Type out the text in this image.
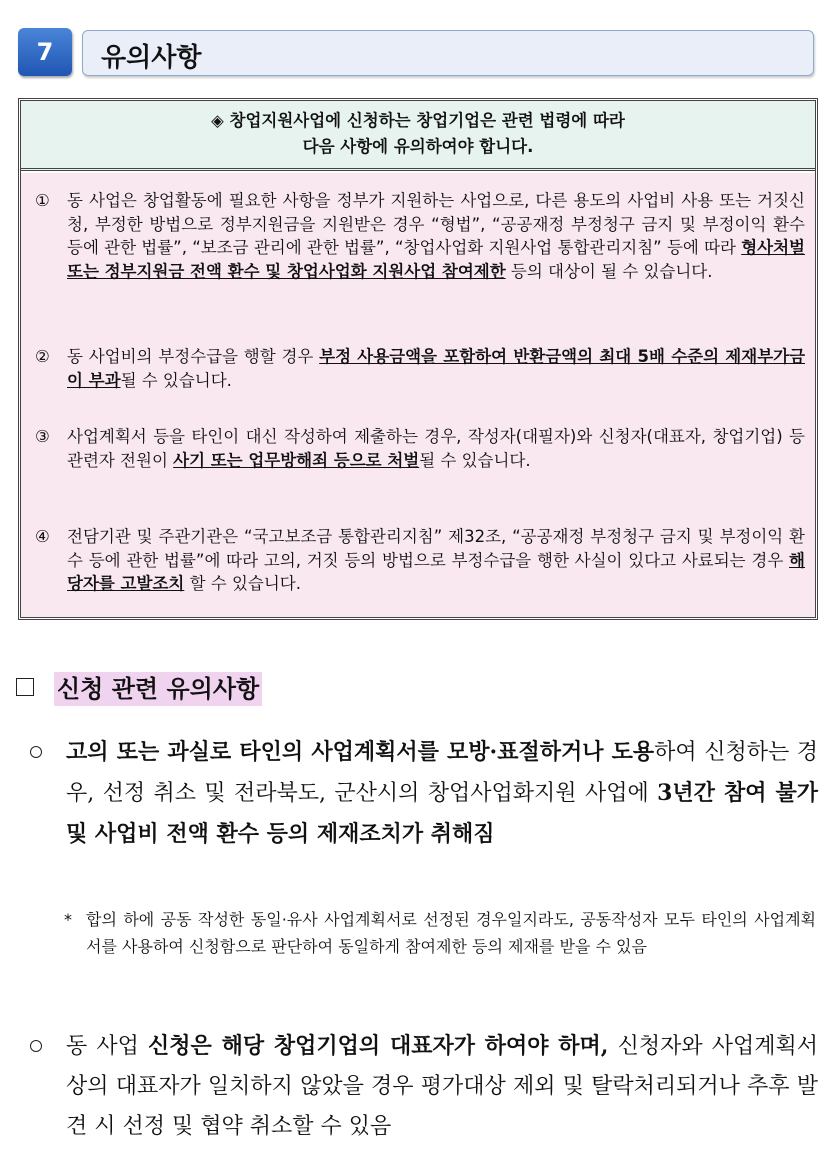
7	유의사항
◈ 창업지원사업에 신청하는 창업기업은 관련 법령에 따라
다음 사항에 유의하여야 합니다.
① 동 사업은 창업활동에 필요한 사항을 정부가 지원하는 사업으로, 다른 용도의 사업비 사용 또는 거짓신청, 부정한 방법으로 정부지원금을 지원받은 경우 “형법”, “공공재정 부정청구 금지 및 부정이익 환수 등에 관한 법률”, “보조금 관리에 관한 법률”, “창업사업화 지원사업 통합관리지침” 등에 따라 형사처벌 또는 정부지원금 전액 환수 및 창업사업화 지원사업 참여제한 등의 대상이 될 수 있습니다.
② 동 사업비의 부정수급을 행할 경우 부정 사용금액을 포함하여 반환금액의 최대 5배 수준의 제재부가금이 부과될 수 있습니다.
③ 사업계획서 등을 타인이 대신 작성하여 제출하는 경우, 작성자(대필자)와 신청자(대표자, 창업기업) 등 관련자 전원이 사기 또는 업무방해죄 등으로 처벌될 수 있습니다.
④ 전담기관 및 주관기관은 “국고보조금 통합관리지침” 제32조, “공공재정 부정청구 금지 및 부정이익 환수 등에 관한 법률”에 따라 고의, 거짓 등의 방법으로 부정수급을 행한 사실이 있다고 사료되는 경우 해당자를 고발조치 할 수 있습니다.
신청 관련 유의사항
고의 또는 과실로 타인의 사업계획서를 모방·표절하거나 도용하여 신청하는 경우, 선정 취소 및 전라북도, 군산시의 창업사업화지원 사업에 3년간 참여 불가 및 사업비 전액 환수 등의 제재조치가 취해짐
* 합의 하에 공동 작성한 동일·유사 사업계획서로 선정된 경우일지라도, 공동작성자 모두 타인의 사업계획서를 사용하여 신청함으로 판단하여 동일하게 참여제한 등의 제재를 받을 수 있음
동 사업 신청은 해당 창업기업의 대표자가 하여야 하며, 신청자와 사업계획서상의 대표자가 일치하지 않았을 경우 평가대상 제외 및 탈락처리되거나 추후 발견 시 선정 및 협약 취소할 수 있음
